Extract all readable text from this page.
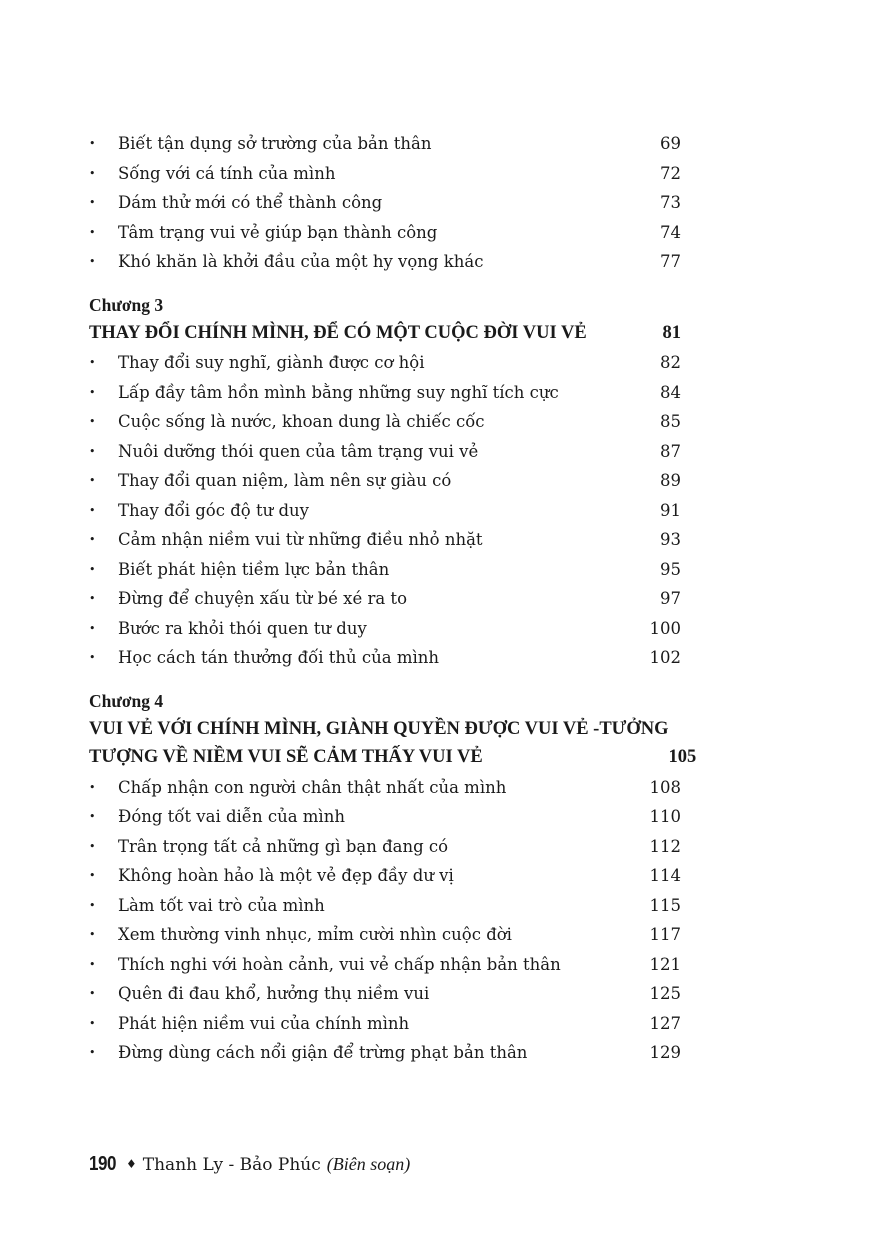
•	Biết tận dụng sở trường của bản thân	69
•	Sống với cá tính của mình	72
•	Dám thử mới có thể thành công	73
•	Tâm trạng vui vẻ giúp bạn thành công	74
•	Khó khăn là khởi đầu của một hy vọng khác	77
Chương 3
THAY ĐỔI CHÍNH MÌNH, ĐỂ CÓ MỘT CUỘC ĐỜI VUI VẺ	81
•	Thay đổi suy nghĩ, giành được cơ hội	82
•	Lấp đầy tâm hồn mình bằng những suy nghĩ tích cực	84
•	Cuộc sống là nước, khoan dung là chiếc cốc	85
•	Nuôi dưỡng thói quen của tâm trạng vui vẻ	87
•	Thay đổi quan niệm, làm nên sự giàu có	89
•	Thay đổi góc độ tư duy	91
•	Cảm nhận niềm vui từ những điều nhỏ nhặt	93
•	Biết phát hiện tiềm lực bản thân	95
•	Đừng để chuyện xấu từ bé xé ra to	97
•	Bước ra khỏi thói quen tư duy	100
•	Học cách tán thưởng đối thủ của mình	102
Chương 4
VUI VẺ VỚI CHÍNH MÌNH, GIÀNH QUYỀN ĐƯỢC VUI VẺ -TƯỞNG
TƯỢNG VỀ NIỀM VUI SẼ CẢM THẤY VUI VẺ	105
•	Chấp nhận con người chân thật nhất của mình	108
•	Đóng tốt vai diễn của mình	110
•	Trân trọng tất cả những gì bạn đang có	112
•	Không hoàn hảo là một vẻ đẹp đầy dư vị	114
•	Làm tốt vai trò của mình	115
•	Xem thường vinh nhục, mỉm cười nhìn cuộc đời	117
•	Thích nghi với hoàn cảnh, vui vẻ chấp nhận bản thân	121
•	Quên đi đau khổ, hưởng thụ niềm vui	125
•	Phát hiện niềm vui của chính mình	127
•	Đừng dùng cách nổi giận để trừng phạt bản thân	129
190 ♦ Thanh Ly - Bảo Phúc (Biên soạn)
